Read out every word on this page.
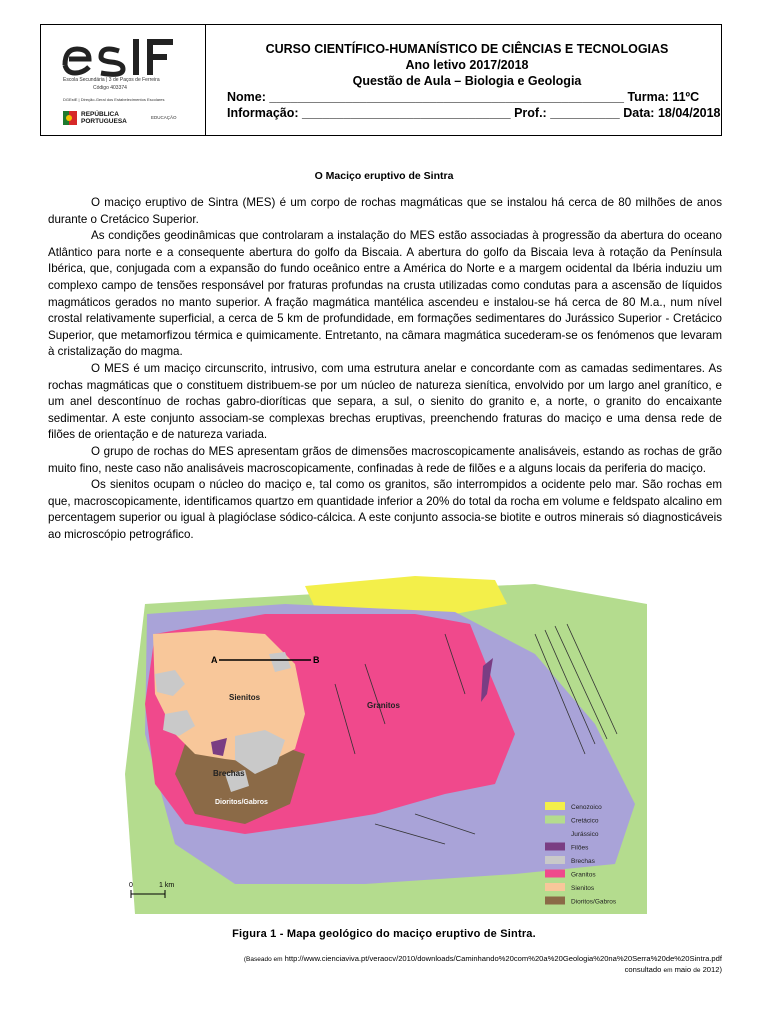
Escola Secundária | 3 de Paços de Ferreira
Código 403374
DGEstE | Direção-Geral dos Estabelecimentos Escolares
REPÚBLICA
PORTUGUESA
EDUCAÇÃO
CURSO CIENTÍFICO-HUMANÍSTICO DE CIÊNCIAS E TECNOLOGIAS
Ano letivo 2017/2018
Questão de Aula – Biologia e Geologia
Nome: ___________________________________________________ Turma: 11ºC
Informação: ______________________________ Prof.: __________ Data: 18/04/2018
O Maciço eruptivo de Sintra

O maciço eruptivo de Sintra (MES) é um corpo de rochas magmáticas que se instalou há cerca de 80 milhões de anos durante o Cretácico Superior.

As condições geodinâmicas que controlaram a instalação do MES estão associadas à progressão da abertura do oceano Atlântico para norte e a consequente abertura do golfo da Biscaia. A abertura do golfo da Biscaia leva à rotação da Península Ibérica, que, conjugada com a expansão do fundo oceânico entre a América do Norte e a margem ocidental da Ibéria induziu um complexo campo de tensões responsável por fraturas profundas na crusta utilizadas como condutas para a ascensão de líquidos magmáticos gerados no manto superior. A fração magmática mantélica ascendeu e instalou-se há cerca de 80 M.a., num nível crostal relativamente superficial, a cerca de 5 km de profundidade, em formações sedimentares do Jurássico Superior - Cretácico Superior, que metamorfizou térmica e quimicamente. Entretanto, na câmara magmática sucederam-se os fenómenos que levaram à cristalização do magma.

O MES é um maciço circunscrito, intrusivo, com uma estrutura anelar e concordante com as camadas sedimentares. As rochas magmáticas que o constituem distribuem-se por um núcleo de natureza sienítica, envolvido por um largo anel granítico, e um anel descontínuo de rochas gabro-dioríticas que separa, a sul, o sienito do granito e, a norte, o granito do encaixante sedimentar. A este conjunto associam-se complexas brechas eruptivas, preenchendo fraturas do maciço e uma densa rede de filões de orientação e de natureza variada.

O grupo de rochas do MES apresentam grãos de dimensões macroscopicamente analisáveis, estando as rochas de grão muito fino, neste caso não analisáveis macroscopicamente, confinadas à rede de filões e a alguns locais da periferia do maciço.

Os sienitos ocupam o núcleo do maciço e, tal como os granitos, são interrompidos a ocidente pelo mar. São rochas em que, macroscopicamente, identificamos quartzo em quantidade inferior a 20% do total da rocha em volume e feldspato alcalino em percentagem superior ou igual à plagióclase sódico-cálcica. A este conjunto associa-se biotite e outros minerais só diagnosticáveis ao microscópio petrográfico.

A	B
Sienitos
Granitos
Brechas
Dioritos/Gabros
0	1 km
Cenozoico
Cretácico
Jurássico
Filões
Brechas
Granitos
Sienitos
Dioritos/Gabros
Figura 1 - Mapa geológico do maciço eruptivo de Sintra.
(Baseado em http://www.cienciaviva.pt/veraocv/2010/downloads/Caminhando%20com%20a%20Geologia%20na%20Serra%20de%20Sintra.pdf
consultado em maio de 2012)
